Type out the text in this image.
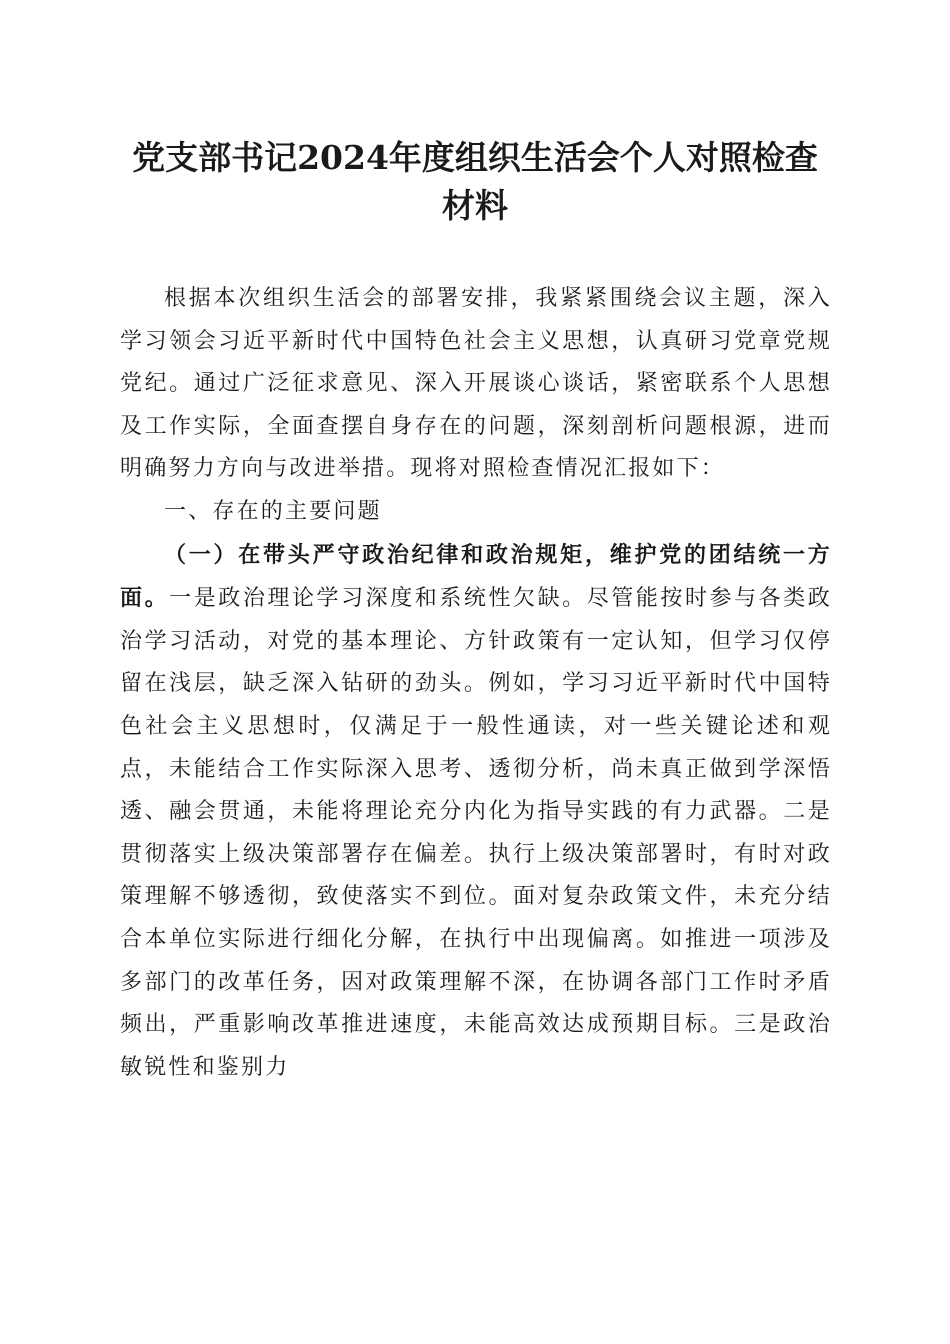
党支部书记2024年度组织生活会个人对照检查材料

根据本次组织生活会的部署安排，我紧紧围绕会议主题，深入学习领会习近平新时代中国特色社会主义思想，认真研习党章党规党纪。通过广泛征求意见、深入开展谈心谈话，紧密联系个人思想及工作实际，全面查摆自身存在的问题，深刻剖析问题根源，进而明确努力方向与改进举措。现将对照检查情况汇报如下：

一、存在的主要问题

（一）在带头严守政治纪律和政治规矩，维护党的团结统一方面。一是政治理论学习深度和系统性欠缺。尽管能按时参与各类政治学习活动，对党的基本理论、方针政策有一定认知，但学习仅停留在浅层，缺乏深入钻研的劲头。例如，学习习近平新时代中国特色社会主义思想时，仅满足于一般性通读，对一些关键论述和观点，未能结合工作实际深入思考、透彻分析，尚未真正做到学深悟透、融会贯通，未能将理论充分内化为指导实践的有力武器。二是贯彻落实上级决策部署存在偏差。执行上级决策部署时，有时对政策理解不够透彻，致使落实不到位。面对复杂政策文件，未充分结合本单位实际进行细化分解，在执行中出现偏离。如推进一项涉及多部门的改革任务，因对政策理解不深，在协调各部门工作时矛盾频出，严重影响改革推进速度，未能高效达成预期目标。三是政治敏锐性和鉴别力
